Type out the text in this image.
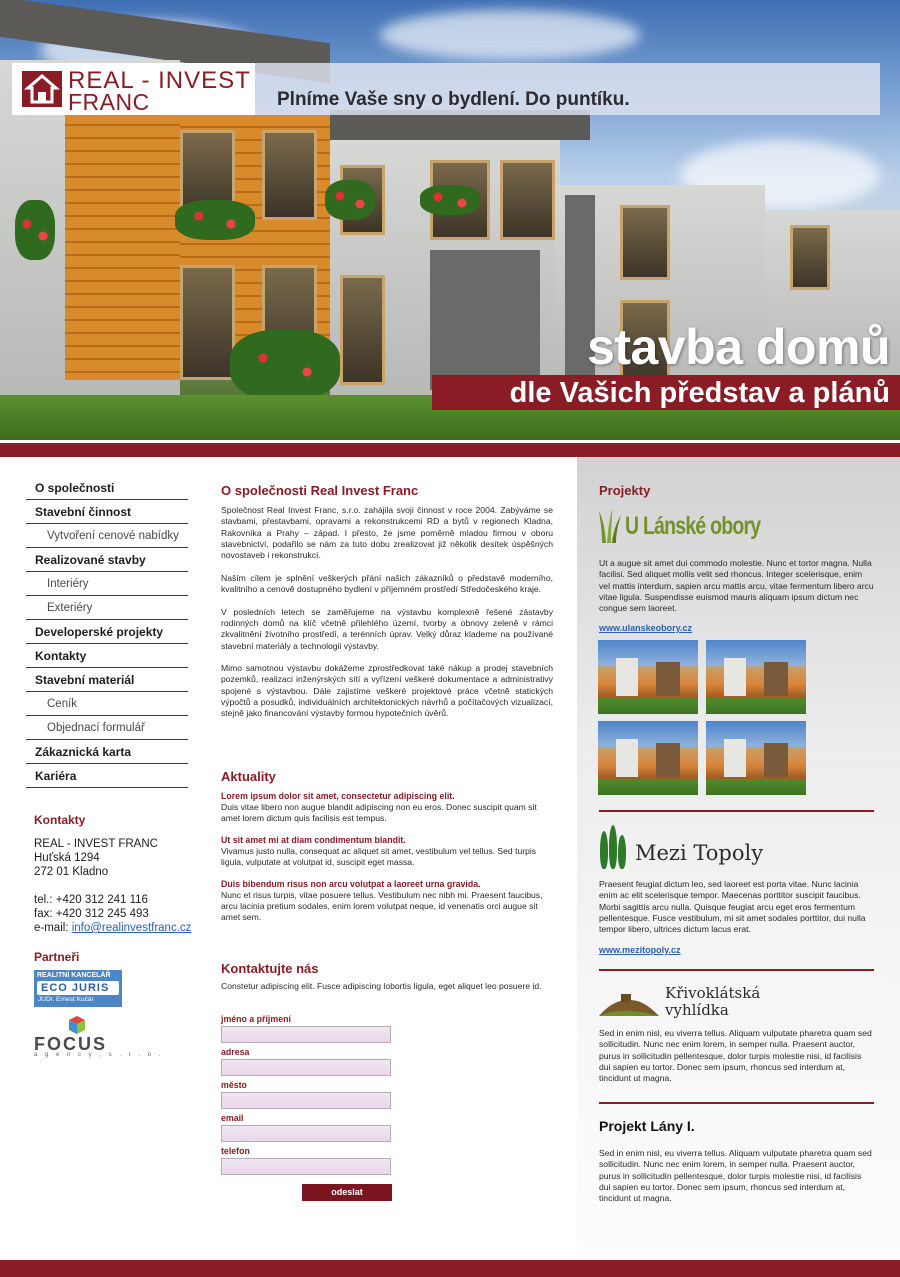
REAL - INVEST
FRANC	Plníme Vaše sny o bydlení. Do puntíku.
stavba domů
dle Vašich představ a plánů
O společnosti
Stavební činnost
Vytvoření cenové nabídky
Realizované stavby
Interiéry
Exteriéry
Developerské projekty
Kontakty
Stavební materiál
Ceník
Objednací formulář
Zákaznická karta
Kariéra
Kontakty
REAL - INVEST FRANC
Huťská 1294
272 01 Kladno
tel.: +420 312 241 116
fax: +420 312 245 493
e-mail: info@realinvestfranc.cz
Partneři
REALITNÍ KANCELÁŘ
ECO JURIS
JUDr. Ernest Kučár
FOCUS
a g e n c y , s . r . o .
O společnosti Real Invest Franc

Společnost Real Invest Franc, s.r.o. zahájila svoji činnost v roce 2004. Zabýváme se stavbami, přestavbami, opravami a rekonstrukcemi RD a bytů v regionech Kladna, Rakovníka a Prahy – západ. I přesto, že jsme poměrně mladou firmou v oboru stavebnictví, podařilo se nám za tuto dobu zrealizovat již několik desítek úspěšných novostaveb i rekonstrukcí.

Naším cílem je splnění veškerých přání našich zákazníků o představě moderního, kvalitního a cenově dostupného bydlení v příjemném prostředí Středočeského kraje.

V posledních letech se zaměřujeme na výstavbu komplexně řešené zástavby rodinných domů na klíč včetně přilehlého území, tvorby a obnovy zeleně v rámci zkvalitnění životního prostředí, a terénních úprav. Velký důraz klademe na používané stavební materiály a technologii výstavby.

Mimo samotnou výstavbu dokážeme zprostředkovat také nákup a prodej stavebních pozemků, realizaci inženýrských sítí a vyřízení veškeré dokumentace a administrativy spojené s výstavbou. Dále zajistíme veškeré projektové práce včetně statických výpočtů a posudků, individuálních architektonických návrhů a počítačových vizualizací, stejně jako financování výstavby formou hypotečních úvěrů.

Aktuality
Lorem ipsum dolor sit amet, consectetur adipiscing elit.
Duis vitae libero non augue blandit adipiscing non eu eros. Donec suscipit quam sit amet lorem dictum quis facilisis est tempus.
Ut sit amet mi at diam condimentum blandit.
Vivamus justo nulla, consequat ac aliquet sit amet, vestibulum vel tellus. Sed turpis ligula, vulputate at volutpat id, suscipit eget massa.
Duis bibendum risus non arcu volutpat a laoreet urna gravida.
Nunc et risus turpis, vitae posuere tellus. Vestibulum nec nibh mi. Praesent faucibus, arcu lacinia pretium sodales, enim lorem volutpat neque, id venenatis orci augue sit amet sem.
Kontaktujte nás

Constetur adipiscing elit. Fusce adipiscing lobortis ligula, eget aliquet leo posuere id.

jméno a příjmení
adresa
město
email
telefon
odeslat
Projekty
U Lánské obory

Ut a augue sit amet dui commodo molestie. Nunc et tortor magna. Nulla facilisi. Sed aliquet mollis velit sed rhoncus. Integer scelerisque, enim vel mattis interdum, sapien arcu mattis arcu, vitae fermentum libero arcu vitae ligula. Suspendisse euismod mauris aliquam ipsum dictum nec congue sem laoreet.

www.ulanskeobory.cz
Mezi Topoly

Praesent feugiat dictum leo, sed laoreet est porta vitae. Nunc lacinia enim ac elit scelerisque tempor. Maecenas porttitor suscipit faucibus. Morbi sagittis arcu nulla. Quisque feugiat arcu eget eros fermentum pellentesque. Fusce vestibulum, mi sit amet sodales porttitor, dui nulla tempor libero, ultrices dictum lacus erat.

www.mezitopoly.cz
Křivoklátská
vyhlídka

Sed in enim nisl, eu viverra tellus. Aliquam vulputate pharetra quam sed sollicitudin. Nunc nec enim lorem, in semper nulla. Praesent auctor, purus in sollicitudin pellentesque, dolor turpis molestie nisi, id facilisis dui sapien eu tortor. Donec sem ipsum, rhoncus sed interdum at, tincidunt ut magna.

Projekt Lány I.

Sed in enim nisl, eu viverra tellus. Aliquam vulputate pharetra quam sed sollicitudin. Nunc nec enim lorem, in semper nulla. Praesent auctor, purus in sollicitudin pellentesque, dolor turpis molestie nisi, id facilisis dui sapien eu tortor. Donec sem ipsum, rhoncus sed interdum at, tincidunt ut magna.
